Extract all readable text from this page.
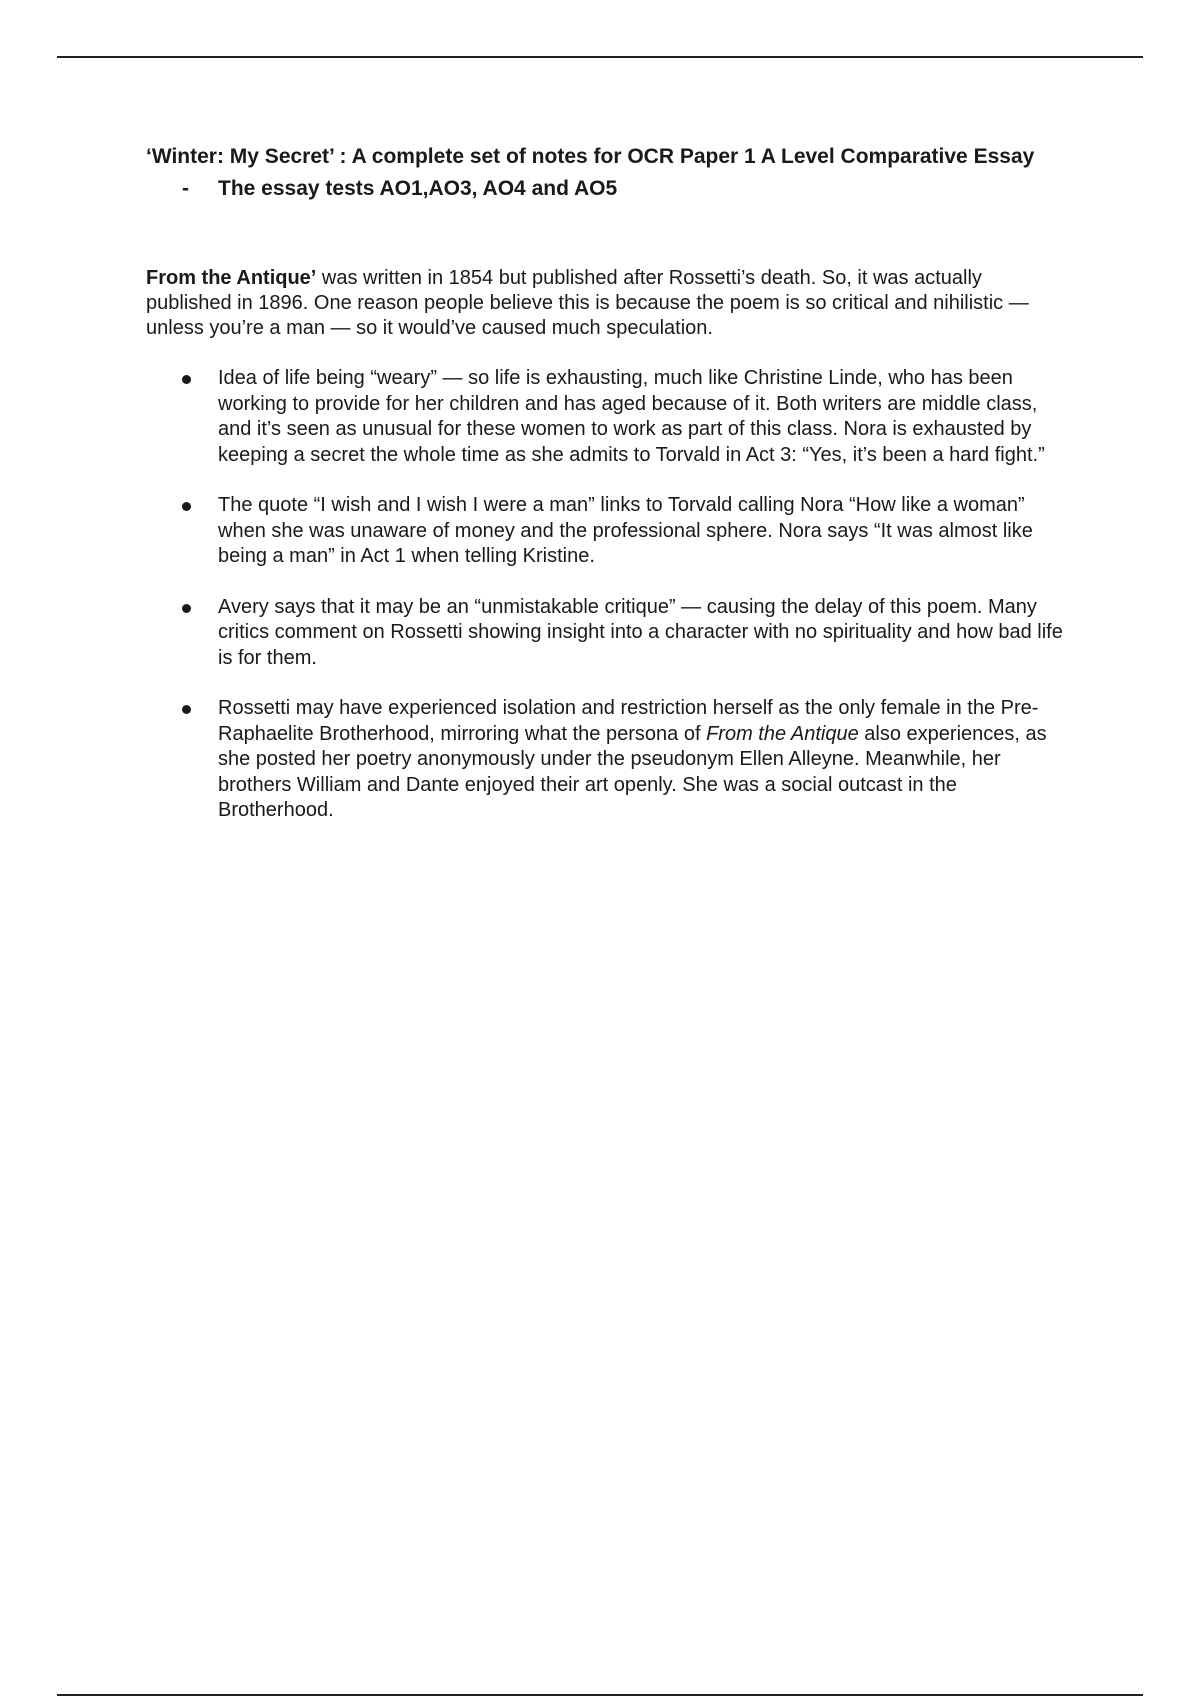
‘Winter: My Secret’ : A complete set of notes for OCR Paper 1 A Level Comparative Essay
- The essay tests AO1,AO3, AO4 and AO5

From the Antique’ was written in 1854 but published after Rossetti’s death. So, it was actually published in 1896. One reason people believe this is because the poem is so critical and nihilistic — unless you’re a man — so it would’ve caused much speculation.

Idea of life being “weary” — so life is exhausting, much like Christine Linde, who has been working to provide for her children and has aged because of it. Both writers are middle class, and it’s seen as unusual for these women to work as part of this class. Nora is exhausted by keeping a secret the whole time as she admits to Torvald in Act 3: “Yes, it’s been a hard fight.”
The quote “I wish and I wish I were a man” links to Torvald calling Nora “How like a woman” when she was unaware of money and the professional sphere. Nora says “It was almost like being a man” in Act 1 when telling Kristine.
Avery says that it may be an “unmistakable critique” — causing the delay of this poem. Many critics comment on Rossetti showing insight into a character with no spirituality and how bad life is for them.
Rossetti may have experienced isolation and restriction herself as the only female in the Pre-Raphaelite Brotherhood, mirroring what the persona of From the Antique also experiences, as she posted her poetry anonymously under the pseudonym Ellen Alleyne. Meanwhile, her brothers William and Dante enjoyed their art openly. She was a social outcast in the Brotherhood.
